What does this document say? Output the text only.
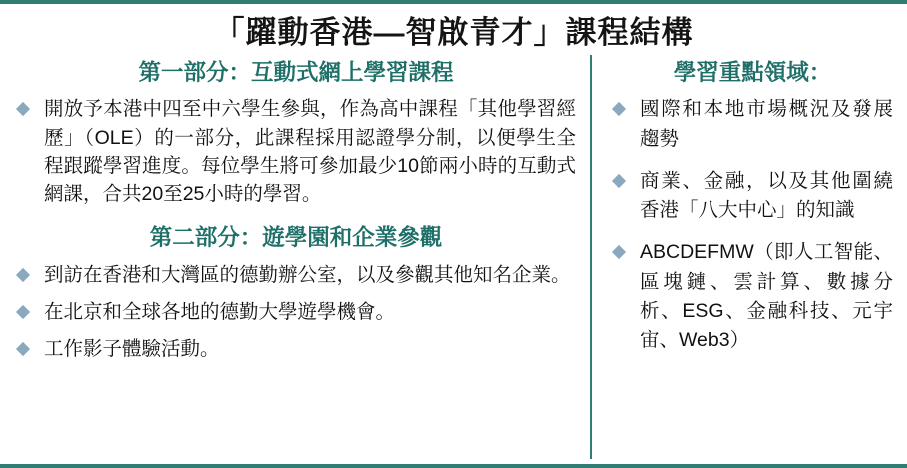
「躍動香港—智啟青才」課程結構
第一部分：互動式網上學習課程
開放予本港中四至中六學生參與，作為高中課程「其他學習經歷」（OLE）的一部分，此課程採用認證學分制，以便學生全程跟蹤學習進度。每位學生將可參加最少10節兩小時的互動式網課，合共20至25小時的學習。
第二部分：遊學園和企業參觀
到訪在香港和大灣區的德勤辦公室，以及參觀其他知名企業。
在北京和全球各地的德勤大學遊學機會。
工作影子體驗活動。
學習重點領域：
國際和本地市場概況及發展趨勢
商業、金融，以及其他圍繞香港「八大中心」的知識
ABCDEFMW（即人工智能、區塊鏈、雲計算、數據分析、ESG、金融科技、元宇宙、Web3）
